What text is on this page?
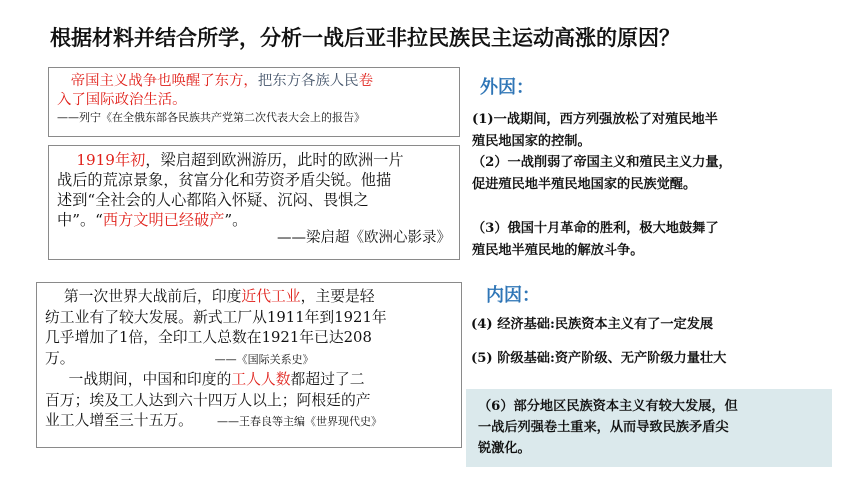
根据材料并结合所学，分析一战后亚非拉民族民主运动高涨的原因？
帝国主义战争也唤醒了东方，把东方各族人民卷
入了国际政治生活。
——列宁《在全俄东部各民族共产党第二次代表大会上的报告》
1919年初，梁启超到欧洲游历，此时的欧洲一片
战后的荒凉景象，贫富分化和劳资矛盾尖锐。他描
述到“全社会的人心都陷入怀疑、沉闷、畏惧之
中”。“西方文明已经破产”。
——梁启超《欧洲心影录》
第一次世界大战前后，印度近代工业，主要是轻
纺工业有了较大发展。新式工厂从1911年到1921年
几乎增加了1倍，全印工人总数在1921年已达208
万。	——《国际关系史》
一战期间，中国和印度的工人人数都超过了二
百万；埃及工人达到六十四万人以上；阿根廷的产
业工人增至三十五万。 ——王春良等主编《世界现代史》
外因：
(1)一战期间，西方列强放松了对殖民地半
殖民地国家的控制。
（2）一战削弱了帝国主义和殖民主义力量，
促进殖民地半殖民地国家的民族觉醒。
（3）俄国十月革命的胜利，极大地鼓舞了
殖民地半殖民地的解放斗争。
内因：
(4) 经济基础:民族资本主义有了一定发展
(5) 阶级基础:资产阶级、无产阶级力量壮大
（6）部分地区民族资本主义有较大发展，但
一战后列强卷土重来，从而导致民族矛盾尖
锐激化。
